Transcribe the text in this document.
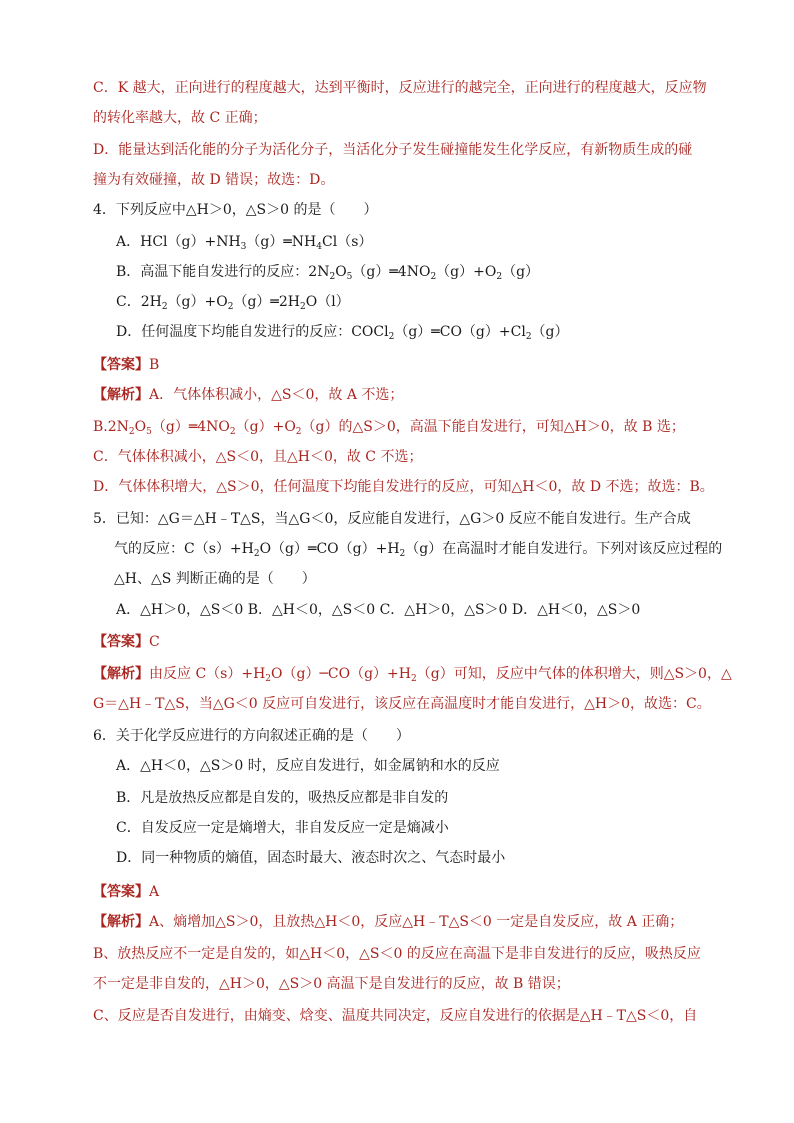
C．K 越大，正向进行的程度越大，达到平衡时，反应进行的越完全，正向进行的程度越大，反应物
的转化率越大，故 C 正确；
D．能量达到活化能的分子为活化分子，当活化分子发生碰撞能发生化学反应，有新物质生成的碰
撞为有效碰撞，故 D 错误；故选：D。
4．下列反应中△H＞0，△S＞0 的是（　　）
A．$HCl(g)+NH_3(g)═NH_4Cl(s)$
B．高温下能自发进行的反应：$2N_2O_5(g)═4NO_2(g)+O_2(g)$
C．$2H_2(g)+O_2(g)═2H_2O(l)$
D．任何温度下均能自发进行的反应：$COCl_2(g)═CO(g)+Cl_2(g)$
【答案】B
【解析】A．气体体积减小，△S＜0，故 A 不选；
$B.2N_2O_5(g)═4NO_2(g)+O_2(g)$的△S＞0，高温下能自发进行，可知△H＞0，故 B 选；
C．气体体积减小，△S＜0，且△H＜0，故 C 不选；
D．气体体积增大，△S＞0，任何温度下均能自发进行的反应，可知△H＜0，故 D 不选；故选：B。
5．已知：△G＝△H﹣T△S，当△G＜0，反应能自发进行，△G＞0 反应不能自发进行。生产合成
气的反应：$C(s)+H_2O(g)═CO(g)+H_2(g)$在高温时才能自发进行。下列对该反应过程的
△H、△S 判断正确的是（　　）
A．△H＞0，△S＜0 B．△H＜0，△S＜0 C．△H＞0，△S＞0 D．△H＜0，△S＞0
【答案】C
【解析】由反应 $C(s)+H_2O(g)─CO(g)+H_2(g)$可知，反应中气体的体积增大，则△S＞0，△
G＝△H﹣T△S，当△G＜0 反应可自发进行，该反应在高温度时才能自发进行，△H＞0，故选：C。
6．关于化学反应进行的方向叙述正确的是（　　）
A．△H＜0，△S＞0 时，反应自发进行，如金属钠和水的反应
B．凡是放热反应都是自发的，吸热反应都是非自发的
C．自发反应一定是熵增大，非自发反应一定是熵减小
D．同一种物质的熵值，固态时最大、液态时次之、气态时最小
【答案】A
【解析】A、熵增加△S＞0，且放热△H＜0，反应△H﹣T△S＜0 一定是自发反应，故 A 正确；
B、放热反应不一定是自发的，如△H＜0，△S＜0 的反应在高温下是非自发进行的反应，吸热反应
不一定是非自发的，△H＞0，△S＞0 高温下是自发进行的反应，故 B 错误；
C、反应是否自发进行，由熵变、焓变、温度共同决定，反应自发进行的依据是△H﹣T△S＜0，自
